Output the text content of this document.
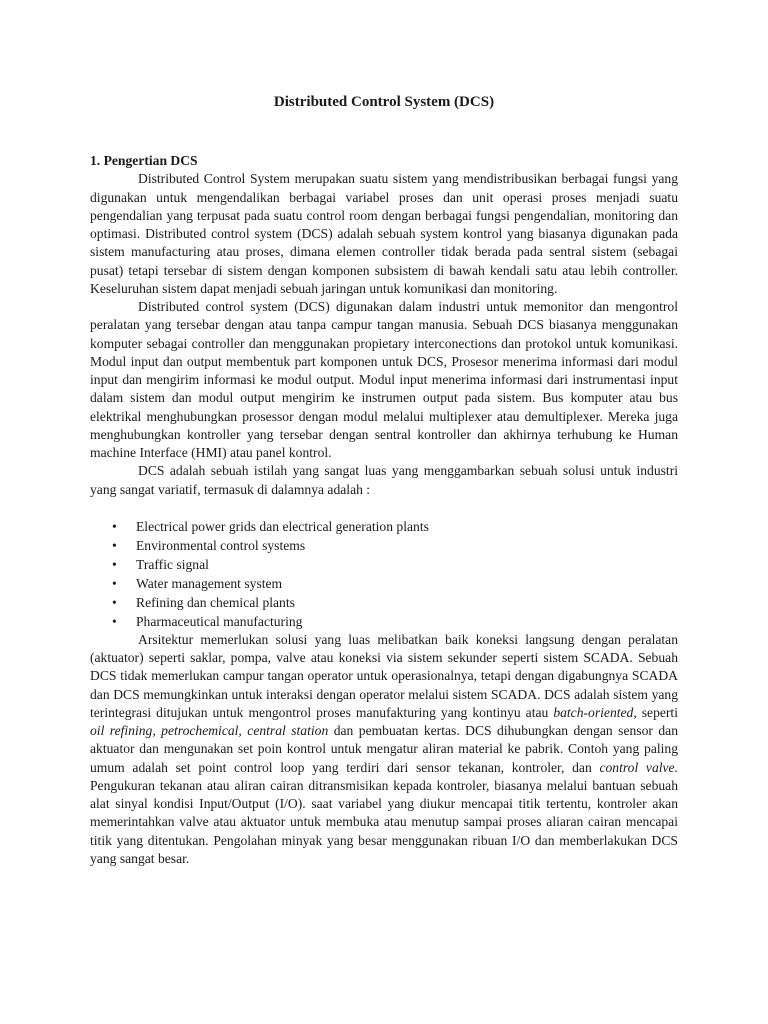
Distributed Control System (DCS)
1. Pengertian DCS

Distributed Control System merupakan suatu sistem yang mendistribusikan berbagai fungsi yang digunakan untuk mengendalikan berbagai variabel proses dan unit operasi proses menjadi suatu pengendalian yang terpusat pada suatu control room dengan berbagai fungsi pengendalian, monitoring dan optimasi. Distributed control system (DCS) adalah sebuah system kontrol yang biasanya digunakan pada sistem manufacturing atau proses, dimana elemen controller tidak berada pada sentral sistem (sebagai pusat) tetapi tersebar di sistem dengan komponen subsistem di bawah kendali satu atau lebih controller. Keseluruhan sistem dapat menjadi sebuah jaringan untuk komunikasi dan monitoring.

Distributed control system (DCS) digunakan dalam industri untuk memonitor dan mengontrol peralatan yang tersebar dengan atau tanpa campur tangan manusia. Sebuah DCS biasanya menggunakan komputer sebagai controller dan menggunakan propietary interconections dan protokol untuk komunikasi. Modul input dan output membentuk part komponen untuk DCS, Prosesor menerima informasi dari modul input dan mengirim informasi ke modul output. Modul input menerima informasi dari instrumentasi input dalam sistem dan modul output mengirim ke instrumen output pada sistem. Bus komputer atau bus elektrikal menghubungkan prosessor dengan modul melalui multiplexer atau demultiplexer. Mereka juga menghubungkan kontroller yang tersebar dengan sentral kontroller dan akhirnya terhubung ke Human machine Interface (HMI) atau panel kontrol.

DCS adalah sebuah istilah yang sangat luas yang menggambarkan sebuah solusi untuk industri yang sangat variatif, termasuk di dalamnya adalah :

• Electrical power grids dan electrical generation plants
• Environmental control systems
• Traffic signal
• Water management system
• Refining dan chemical plants
• Pharmaceutical manufacturing

Arsitektur memerlukan solusi yang luas melibatkan baik koneksi langsung dengan peralatan (aktuator) seperti saklar, pompa, valve atau koneksi via sistem sekunder seperti sistem SCADA. Sebuah DCS tidak memerlukan campur tangan operator untuk operasionalnya, tetapi dengan digabungnya SCADA dan DCS memungkinkan untuk interaksi dengan operator melalui sistem SCADA. DCS adalah sistem yang terintegrasi ditujukan untuk mengontrol proses manufakturing yang kontinyu atau batch-oriented, seperti oil refining, petrochemical, central station dan pembuatan kertas. DCS dihubungkan dengan sensor dan aktuator dan mengunakan set poin kontrol untuk mengatur aliran material ke pabrik. Contoh yang paling umum adalah set point control loop yang terdiri dari sensor tekanan, kontroler, dan control valve. Pengukuran tekanan atau aliran cairan ditransmisikan kepada kontroler, biasanya melalui bantuan sebuah alat sinyal kondisi Input/Output (I/O). saat variabel yang diukur mencapai titik tertentu, kontroler akan memerintahkan valve atau aktuator untuk membuka atau menutup sampai proses aliaran cairan mencapai titik yang ditentukan. Pengolahan minyak yang besar menggunakan ribuan I/O dan memberlakukan DCS yang sangat besar.
